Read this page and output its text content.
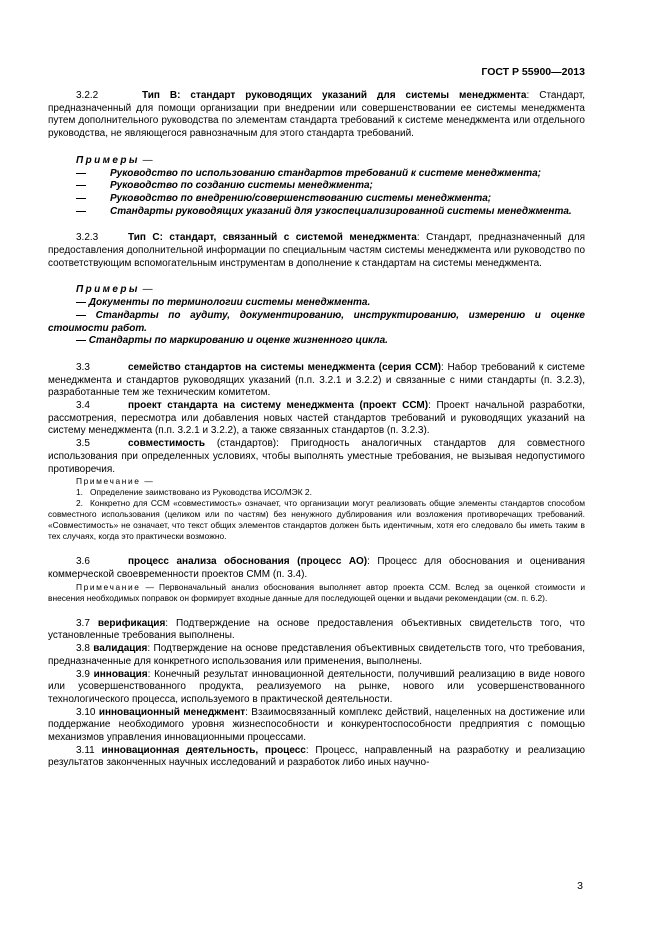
ГОСТ Р 55900—2013

3.2.2	Тип B: стандарт руководящих указаний для системы менеджмента: Стандарт, предназначенный для помощи организации при внедрении или совершенствовании ее системы менеджмента путем дополнительного руководства по элементам стандарта требований к системе менеджмента или отдельного руководства, не являющегося равнозначным для этого стандарта требований.

Примеры —

— Руководство по использованию стандартов требований к системе менеджмента;

— Руководство по созданию системы менеджмента;

— Руководство по внедрению/совершенствованию системы менеджмента;

— Стандарты руководящих указаний для узкоспециализированной системы менеджмента.

3.2.3	Тип C: стандарт, связанный с системой менеджмента: Стандарт, предназначенный для предоставления дополнительной информации по специальным частям системы менеджмента или руководство по соответствующим вспомогательным инструментам в дополнение к стандартам на системы менеджмента.

Примеры —

— Документы по терминологии системы менеджмента.

— Стандарты по аудиту, документированию, инструктированию, измерению и оценке стоимости работ.

— Стандарты по маркированию и оценке жизненного цикла.

3.3	семейство стандартов на системы менеджмента (серия ССМ): Набор требований к системе менеджмента и стандартов руководящих указаний (п.п. 3.2.1 и 3.2.2) и связанные с ними стандарты (п. 3.2.3), разработанные тем же техническим комитетом.

3.4	проект стандарта на систему менеджмента (проект ССМ): Проект начальной разработки, рассмотрения, пересмотра или добавления новых частей стандартов требований и руководящих указаний на систему менеджмента (п.п. 3.2.1 и 3.2.2), а также связанных стандартов (п. 3.2.3).

3.5	совместимость (стандартов): Пригодность аналогичных стандартов для совместного использования при определенных условиях, чтобы выполнять уместные требования, не вызывая недопустимого противоречия.

Примечание —

1. Определение заимствовано из Руководства ИСО/МЭК 2.

2. Конкретно для ССМ «совместимость» означает, что организации могут реализовать общие элементы стандартов способом совместного использования (целиком или по частям) без ненужного дублирования или возложения противоречащих требований. «Совместимость» не означает, что текст общих элементов стандартов должен быть идентичным, хотя его следовало бы иметь таким в тех случаях, когда это практически возможно.

3.6	процесс анализа обоснования (процесс АО): Процесс для обоснования и оценивания коммерческой своевременности проектов СММ (п. 3.4).

Примечание — Первоначальный анализ обоснования выполняет автор проекта ССМ. Вслед за оценкой стоимости и внесения необходимых поправок он формирует входные данные для последующей оценки и выдачи рекомендации (см. п. 6.2).

3.7 верификация: Подтверждение на основе предоставления объективных свидетельств того, что установленные требования выполнены.

3.8 валидация: Подтверждение на основе представления объективных свидетельств того, что требования, предназначенные для конкретного использования или применения, выполнены.

3.9 инновация: Конечный результат инновационной деятельности, получивший реализацию в виде нового или усовершенствованного продукта, реализуемого на рынке, нового или усовершенствованного технологического процесса, используемого в практической деятельности.

3.10 инновационный менеджмент: Взаимосвязанный комплекс действий, нацеленных на достижение или поддержание необходимого уровня жизнеспособности и конкурентоспособности предприятия с помощью механизмов управления инновационными процессами.

3.11 инновационная деятельность, процесс: Процесс, направленный на разработку и реализацию результатов законченных научных исследований и разработок либо иных научно-

3
